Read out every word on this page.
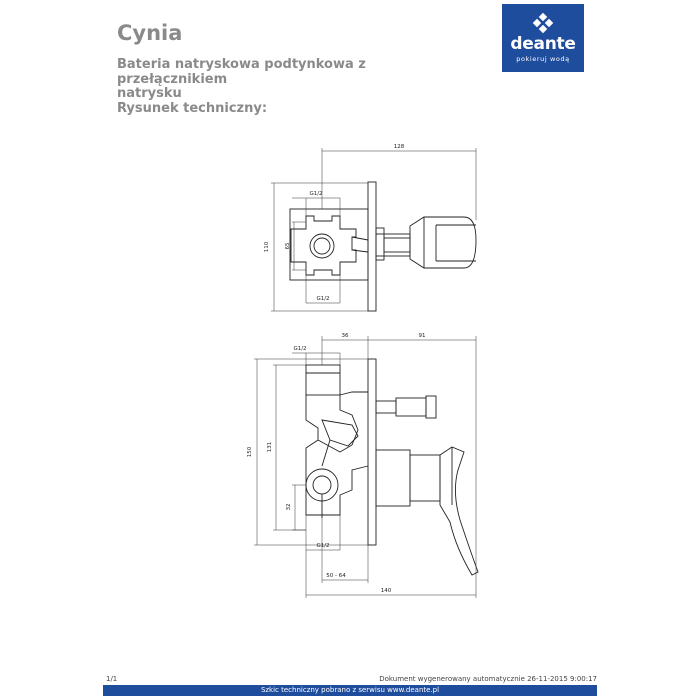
Cynia
Bateria natryskowa podtynkowa z przełącznikiem
natrysku
Rysunek techniczny:
deante
pokieruj wodą
128
G1/2
110	65
G1/2
36	91
G1/2
150	131
32
G1/2
50 - 64
140
1/1	Dokument wygenerowany automatycznie 26-11-2015 9:00:17
Szkic techniczny pobrano z serwisu www.deante.pl
